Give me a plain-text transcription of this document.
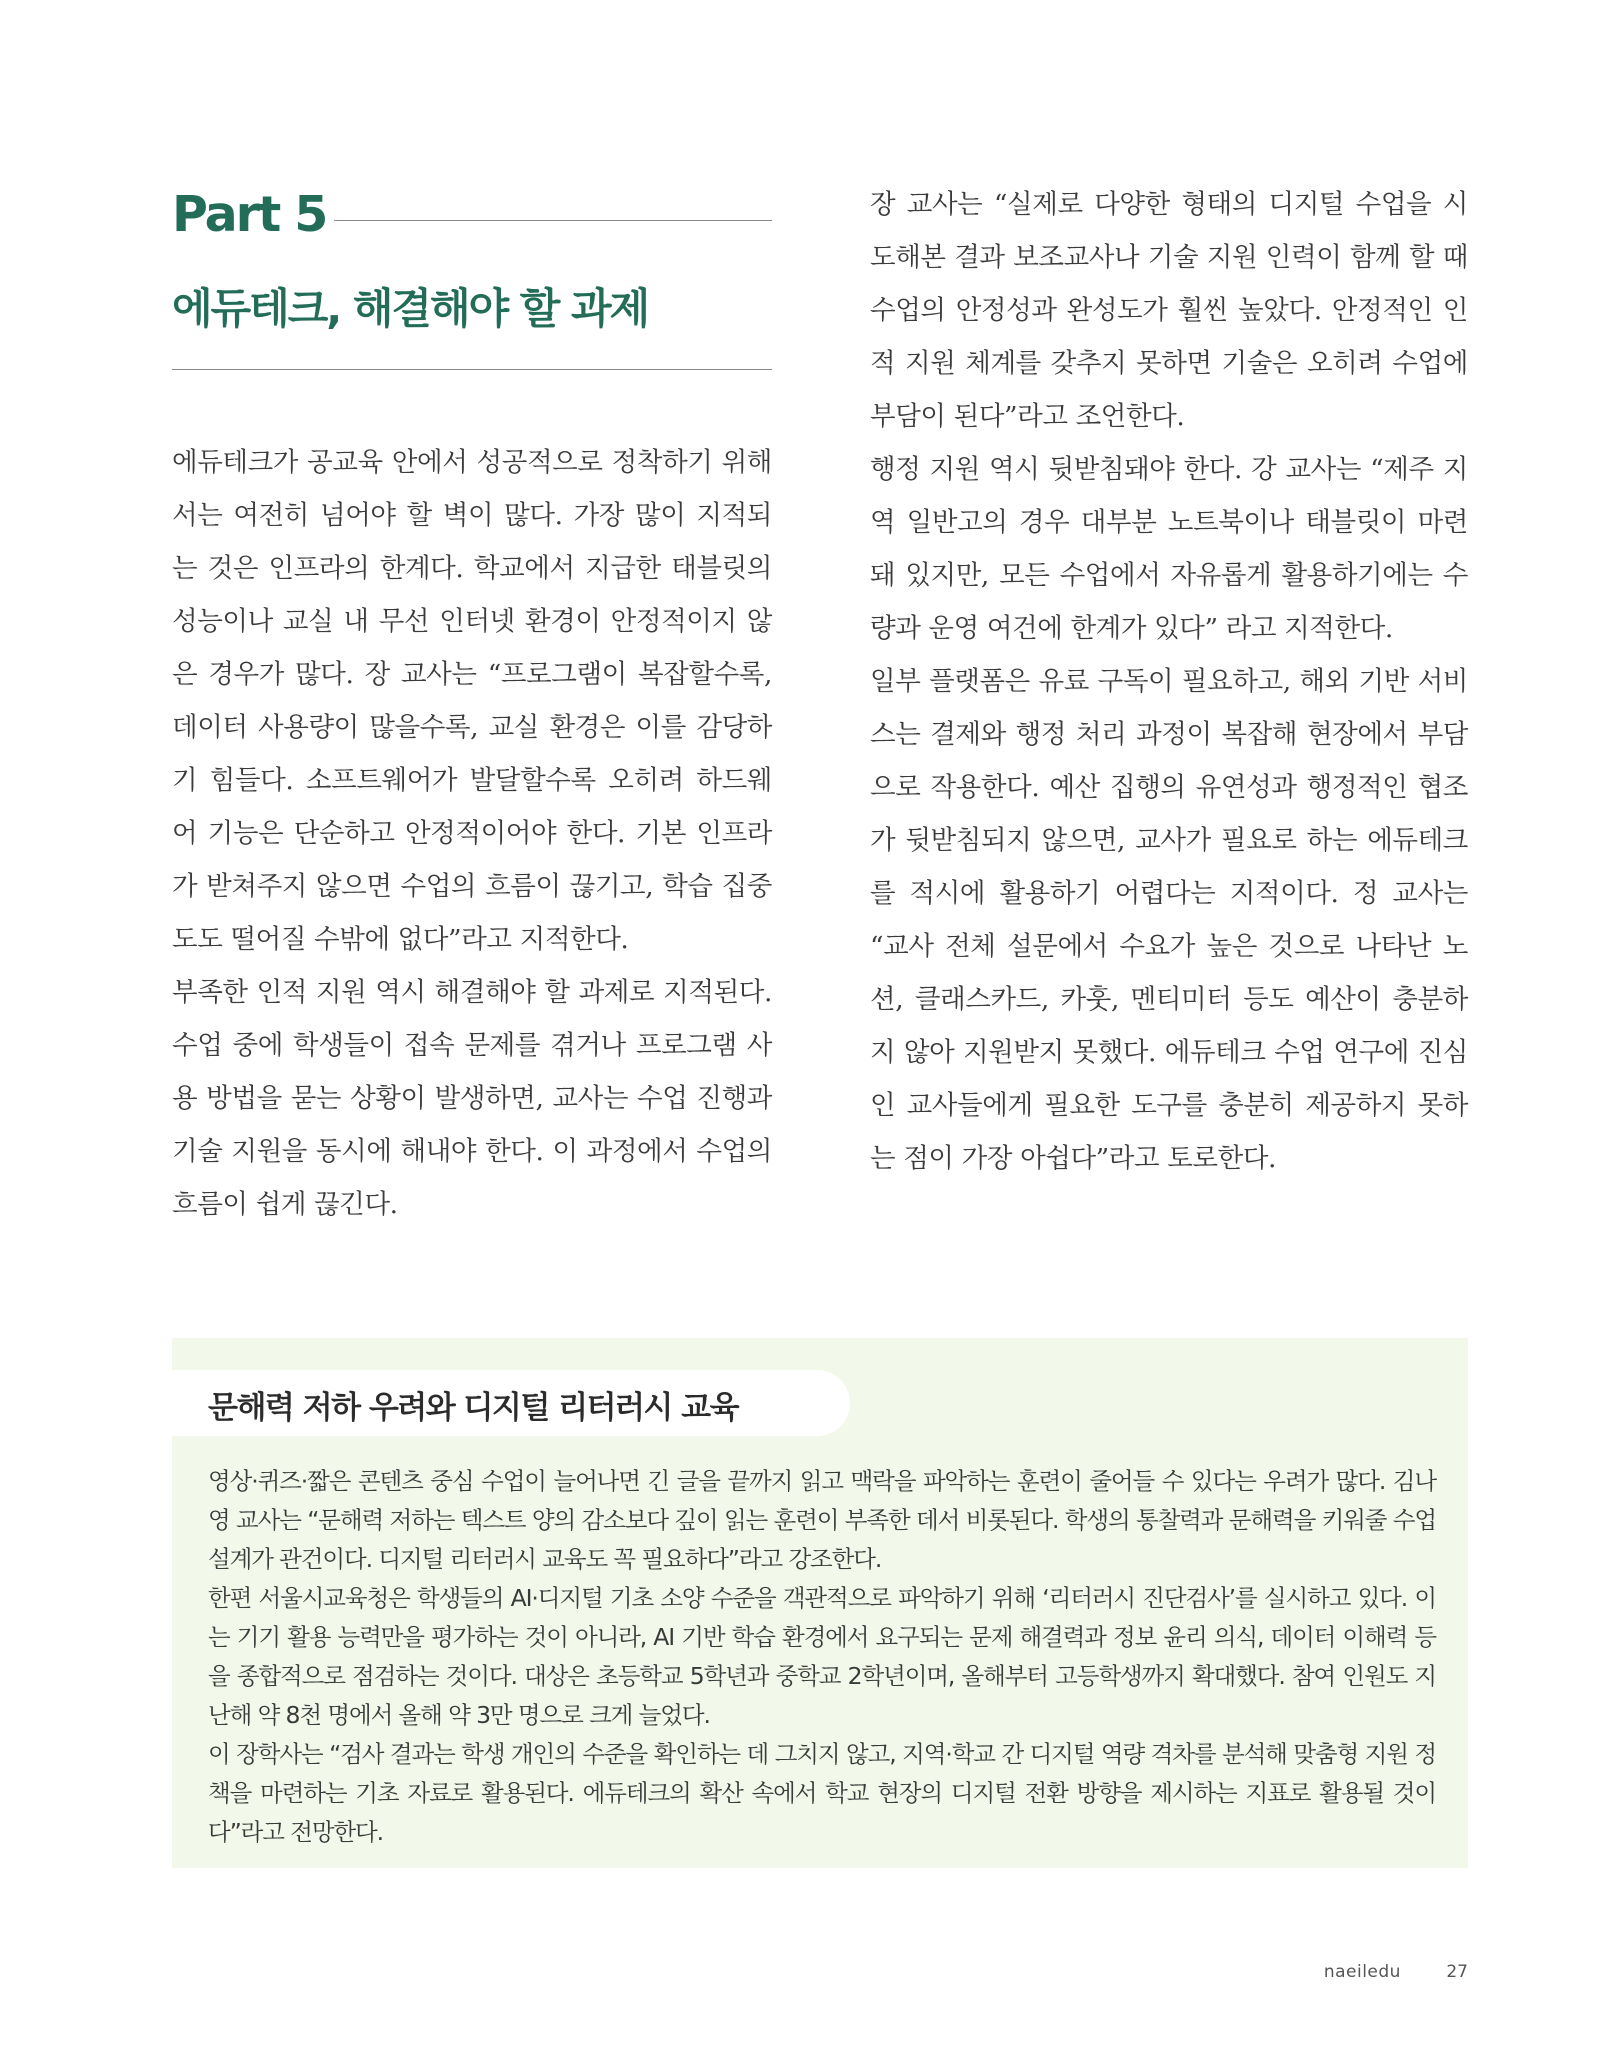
Part 5
에듀테크, 해결해야 할 과제

에듀테크가 공교육 안에서 성공적으로 정착하기 위해서는 여전히 넘어야 할 벽이 많다. 가장 많이 지적되는 것은 인프라의 한계다. 학교에서 지급한 태블릿의 성능이나 교실 내 무선 인터넷 환경이 안정적이지 않은 경우가 많다. 장 교사는 “프로그램이 복잡할수록, 데이터 사용량이 많을수록, 교실 환경은 이를 감당하기 힘들다. 소프트웨어가 발달할수록 오히려 하드웨어 기능은 단순하고 안정적이어야 한다. 기본 인프라가 받쳐주지 않으면 수업의 흐름이 끊기고, 학습 집중도도 떨어질 수밖에 없다”라고 지적한다.

부족한 인적 지원 역시 해결해야 할 과제로 지적된다. 수업 중에 학생들이 접속 문제를 겪거나 프로그램 사용 방법을 묻는 상황이 발생하면, 교사는 수업 진행과 기술 지원을 동시에 해내야 한다. 이 과정에서 수업의 흐름이 쉽게 끊긴다.

장 교사는 “실제로 다양한 형태의 디지털 수업을 시도해본 결과 보조교사나 기술 지원 인력이 함께 할 때 수업의 안정성과 완성도가 훨씬 높았다. 안정적인 인적 지원 체계를 갖추지 못하면 기술은 오히려 수업에 부담이 된다”라고 조언한다.

행정 지원 역시 뒷받침돼야 한다. 강 교사는 “제주 지역 일반고의 경우 대부분 노트북이나 태블릿이 마련돼 있지만, 모든 수업에서 자유롭게 활용하기에는 수량과 운영 여건에 한계가 있다” 라고 지적한다.

일부 플랫폼은 유료 구독이 필요하고, 해외 기반 서비스는 결제와 행정 처리 과정이 복잡해 현장에서 부담으로 작용한다. 예산 집행의 유연성과 행정적인 협조가 뒷받침되지 않으면, 교사가 필요로 하는 에듀테크를 적시에 활용하기 어렵다는 지적이다. 정 교사는 “교사 전체 설문에서 수요가 높은 것으로 나타난 노션, 클래스카드, 카훗, 멘티미터 등도 예산이 충분하지 않아 지원받지 못했다. 에듀테크 수업 연구에 진심인 교사들에게 필요한 도구를 충분히 제공하지 못하는 점이 가장 아쉽다”라고 토로한다.

문해력 저하 우려와 디지털 리터러시 교육

영상·퀴즈·짧은 콘텐츠 중심 수업이 늘어나면 긴 글을 끝까지 읽고 맥락을 파악하는 훈련이 줄어들 수 있다는 우려가 많다. 김나영 교사는 “문해력 저하는 텍스트 양의 감소보다 깊이 읽는 훈련이 부족한 데서 비롯된다. 학생의 통찰력과 문해력을 키워줄 수업 설계가 관건이다. 디지털 리터러시 교육도 꼭 필요하다”라고 강조한다.

한편 서울시교육청은 학생들의 AI·디지털 기초 소양 수준을 객관적으로 파악하기 위해 ‘리터러시 진단검사’를 실시하고 있다. 이는 기기 활용 능력만을 평가하는 것이 아니라, AI 기반 학습 환경에서 요구되는 문제 해결력과 정보 윤리 의식, 데이터 이해력 등을 종합적으로 점검하는 것이다. 대상은 초등학교 5학년과 중학교 2학년이며, 올해부터 고등학생까지 확대했다. 참여 인원도 지난해 약 8천 명에서 올해 약 3만 명으로 크게 늘었다.

이 장학사는 “검사 결과는 학생 개인의 수준을 확인하는 데 그치지 않고, 지역·학교 간 디지털 역량 격차를 분석해 맞춤형 지원 정책을 마련하는 기초 자료로 활용된다. 에듀테크의 확산 속에서 학교 현장의 디지털 전환 방향을 제시하는 지표로 활용될 것이다”라고 전망한다.

naeiledu	27
